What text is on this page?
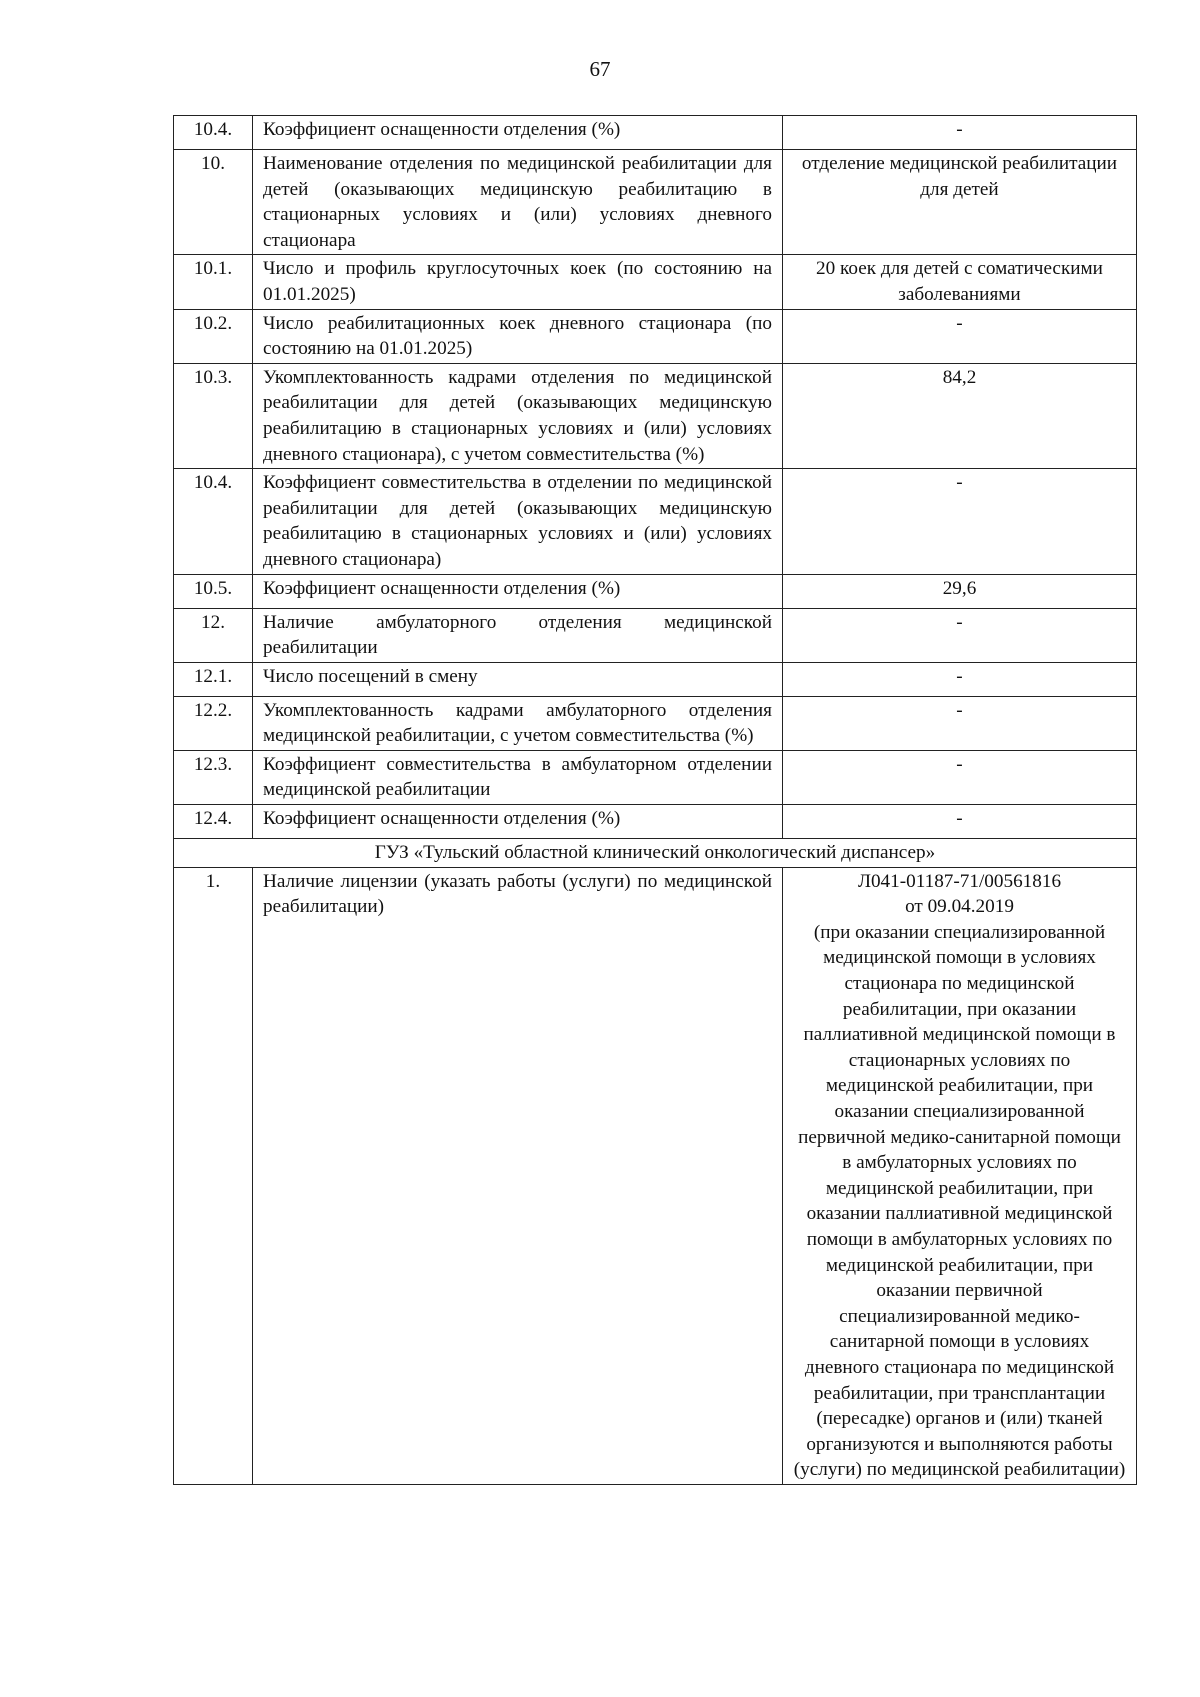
67
10.4.	Коэффициент оснащенности отделения (%)	-
10.	Наименование отделения по медицинской реабилитации для детей (оказывающих медицинскую реабилитацию в стационарных условиях и (или) условиях дневного стационара	отделение медицинской реабилитации для детей
10.1.	Число и профиль круглосуточных коек (по состоянию на 01.01.2025)	20 коек для детей с соматическими заболеваниями
10.2.	Число реабилитационных коек дневного стационара (по состоянию на 01.01.2025)	-
10.3.	Укомплектованность кадрами отделения по медицинской реабилитации для детей (оказывающих медицинскую реабилитацию в стационарных условиях и (или) условиях дневного стационара), с учетом совместительства (%)	84,2
10.4.	Коэффициент совместительства в отделении по медицинской реабилитации для детей (оказывающих медицинскую реабилитацию в стационарных условиях и (или) условиях дневного стационара)	-
10.5.	Коэффициент оснащенности отделения (%)	29,6
12.	Наличие амбулаторного отделения медицинской реабилитации	-
12.1.	Число посещений в смену	-
12.2.	Укомплектованность кадрами амбулаторного отделения медицинской реабилитации, с учетом совместительства (%)	-
12.3.	Коэффициент совместительства в амбулаторном отделении медицинской реабилитации	-
12.4.	Коэффициент оснащенности отделения (%)	-
ГУЗ «Тульский областной клинический онкологический диспансер»		
1.	Наличие лицензии (указать работы (услуги) по медицинской реабилитации)	Л041-01187-71/00561816
от 09.04.2019
(при оказании специализированной медицинской помощи в условиях стационара по медицинской реабилитации, при оказании паллиативной медицинской помощи в стационарных условиях по медицинской реабилитации, при оказании специализированной первичной медико-санитарной помощи в амбулаторных условиях по медицинской реабилитации, при оказании паллиативной медицинской помощи в амбулаторных условиях по медицинской реабилитации, при оказании первичной специализированной медико-санитарной помощи в условиях дневного стационара по медицинской реабилитации, при трансплантации (пересадке) органов и (или) тканей организуются и выполняются работы (услуги) по медицинской реабилитации)
